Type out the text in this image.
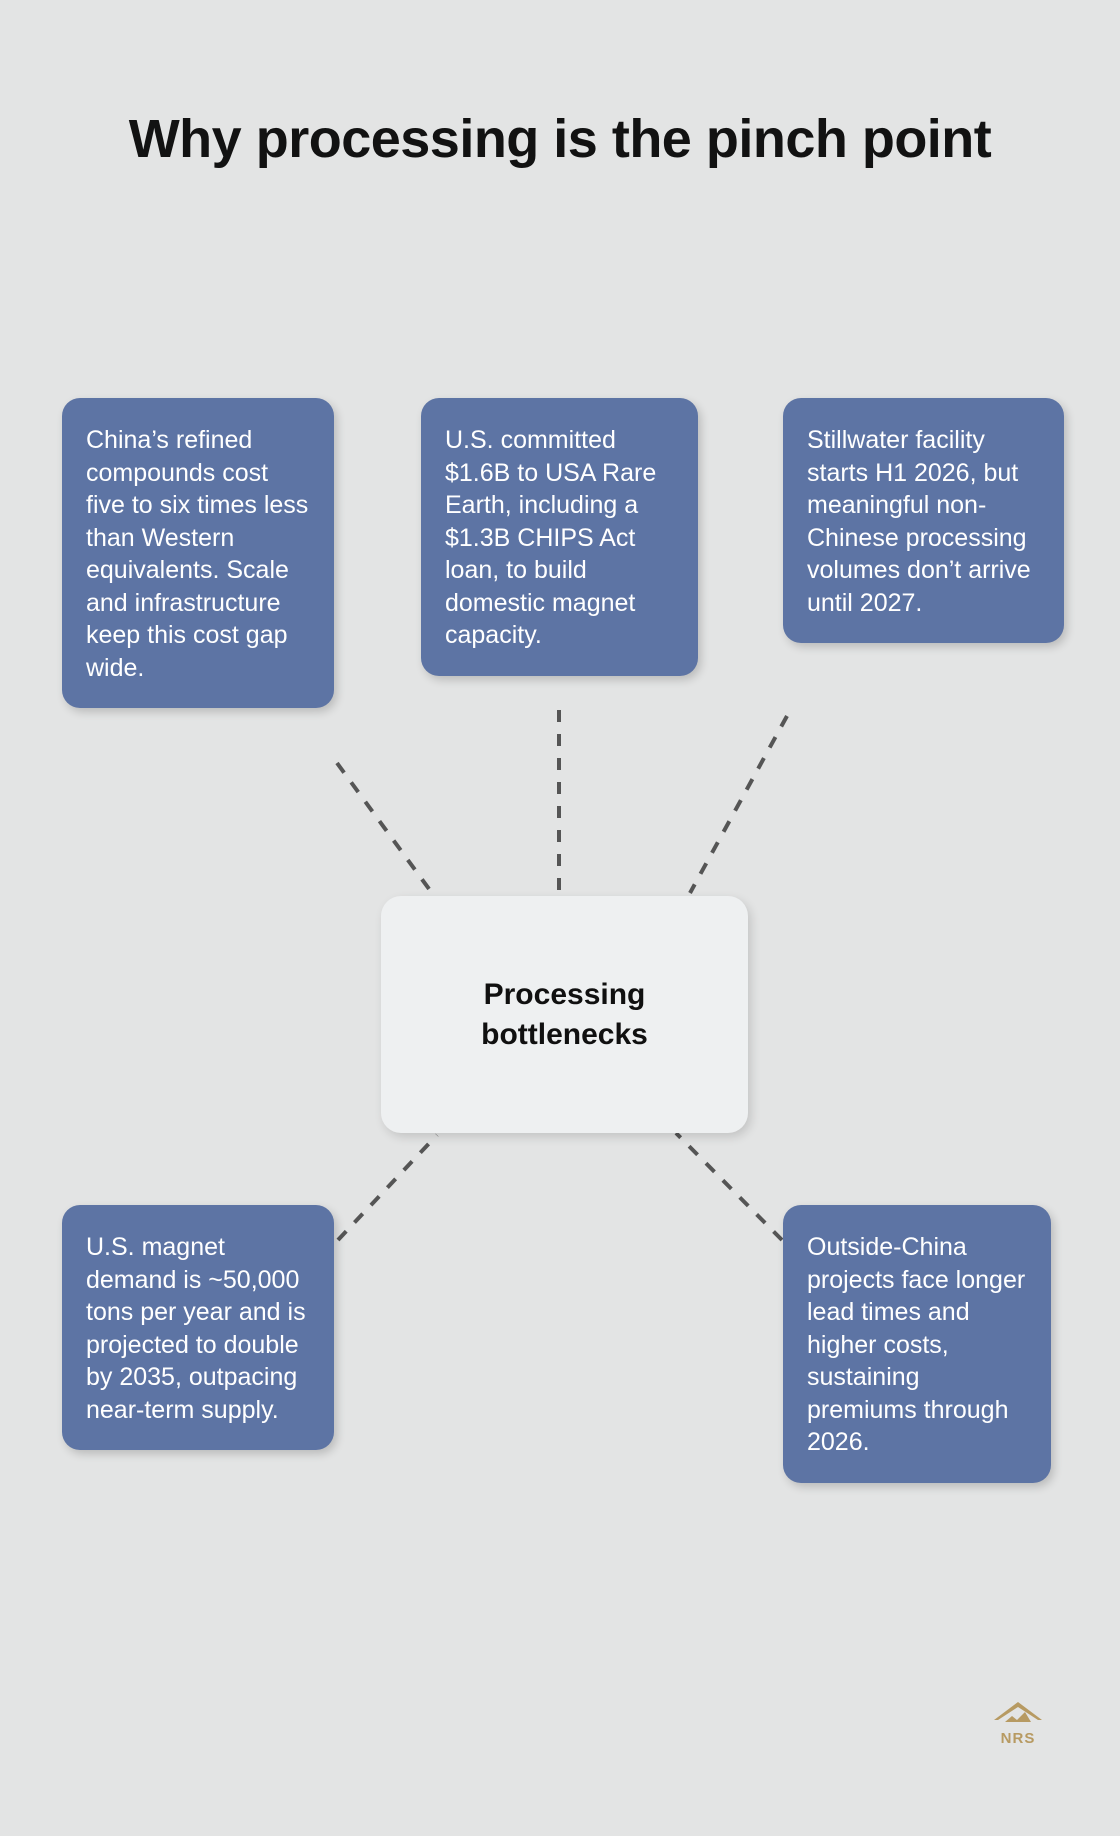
Why processing is the pinch point
China’s refined compounds cost five to six times less than Western equivalents. Scale and infrastructure keep this cost gap wide.
U.S. committed $1.6B to USA Rare Earth, including a $1.3B CHIPS Act loan, to build domestic magnet capacity.
Stillwater facility starts H1 2026, but meaningful non-Chinese processing volumes don’t arrive until 2027.
U.S. magnet demand is ~50,000 tons per year and is projected to double by 2035, outpacing near-term supply.
Outside-China projects face longer lead times and higher costs, sustaining premiums through 2026.
Processing bottlenecks
NRS
